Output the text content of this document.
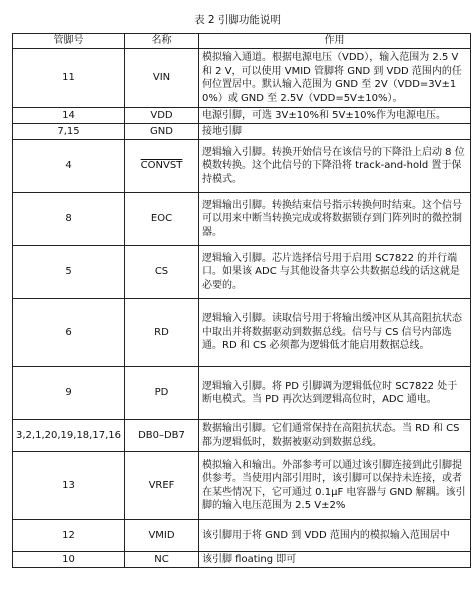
表 2 引脚功能说明
管脚号	名称	作用
11	VIN	模拟输入通道。根据电源电压（VDD），输入范围为 2.5 V 和 2 V，可以使用 VMID 管脚将 GND 到 VDD 范围内的任何位置居中。默认输入范围为 GND 至 2V（VDD=3V±10%）或 GND 至 2.5V（VDD=5V±10%）。
14	VDD	电源引脚，可选 3V±10%和 5V±10%作为电源电压。
7,15	GND	接地引脚
4	CONVST	逻辑输入引脚。转换开始信号在该信号的下降沿上启动 8 位模数转换。这个此信号的下降沿将 track-and-hold 置于保持模式。
8	EOC	逻辑输出引脚。转换结束信号指示转换何时结束。这个信号可以用来中断当转换完成或将数据锁存到门阵列时的微控制器。
5	CS	逻辑输入引脚。芯片选择信号用于启用 SC7822 的并行端口。如果该 ADC 与其他设备共享公共数据总线的话这就是必要的。
6	RD	逻辑输入引脚。读取信号用于将输出缓冲区从其高阻抗状态中取出并将数据驱动到数据总线。信号与 CS 信号内部选通。RD 和 CS 必须都为逻辑低才能启用数据总线。
9	PD	逻辑输入引脚。将 PD 引脚调为逻辑低位时 SC7822 处于断电模式。当 PD 再次达到逻辑高位时，ADC 通电。
3,2,1,20,19,18,17,16	DB0–DB7	数据输出引脚。它们通常保持在高阻抗状态。当 RD 和 CS 都为逻辑低时，数据被驱动到数据总线。
13	VREF	模拟输入和输出。外部参考可以通过该引脚连接到此引脚提供参考。当使用内部引用时，该引脚可以保持未连接，或者在某些情况下，它可通过 0.1μF 电容器与 GND 解耦。该引脚的输入电压范围为 2.5 V±2%
12	VMID	该引脚用于将 GND 到 VDD 范围内的模拟输入范围居中
10	NC	该引脚 floating 即可
